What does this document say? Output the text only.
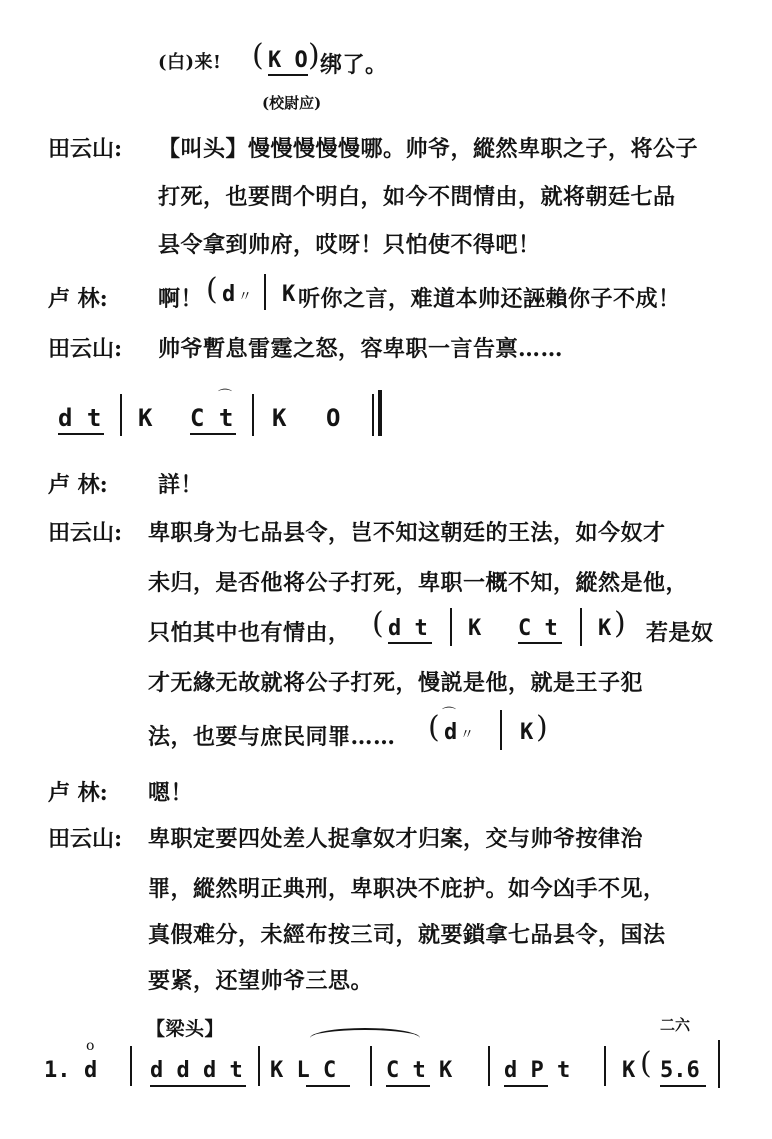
(白)来! ( K O ) 绑了。
(校尉应)
田云山: 【叫头】慢慢慢慢慢哪。帅爷，縱然卑职之子，将公子
打死，也要問个明白，如今不問情由，就将朝廷七品
县令拿到帅府，哎呀！只怕使不得吧！
卢 林: 啊！ ( d 〃 K 听你之言，难道本帅还誣賴你子不成！
田云山: 帅爷暫息雷霆之怒，容卑职一言告禀……
d t K C t
⌒
K O
卢 林: 詳！
田云山: 卑职身为七品县令，岂不知这朝廷的王法，如今奴才
未归，是否他将公子打死，卑职一概不知，縱然是他，
只怕其中也有情由， ( d t K C t K ) 若是奴
才无緣无故就将公子打死，慢説是他，就是王子犯
法，也要与庶民同罪…… ( ⌒
d 〃 K )
卢 林: 嗯！
田云山: 卑职定要四处差人捉拿奴才归案，交与帅爷按律治
罪，縱然明正典刑，卑职决不庇护。如今凶手不见，
真假难分，未經布按三司，就要鎖拿七品县令，国法
要紧，还望帅爷三思。
【梁头】	二六
1.
o
d d d d t K L C C t K d P t K ( 5.6
